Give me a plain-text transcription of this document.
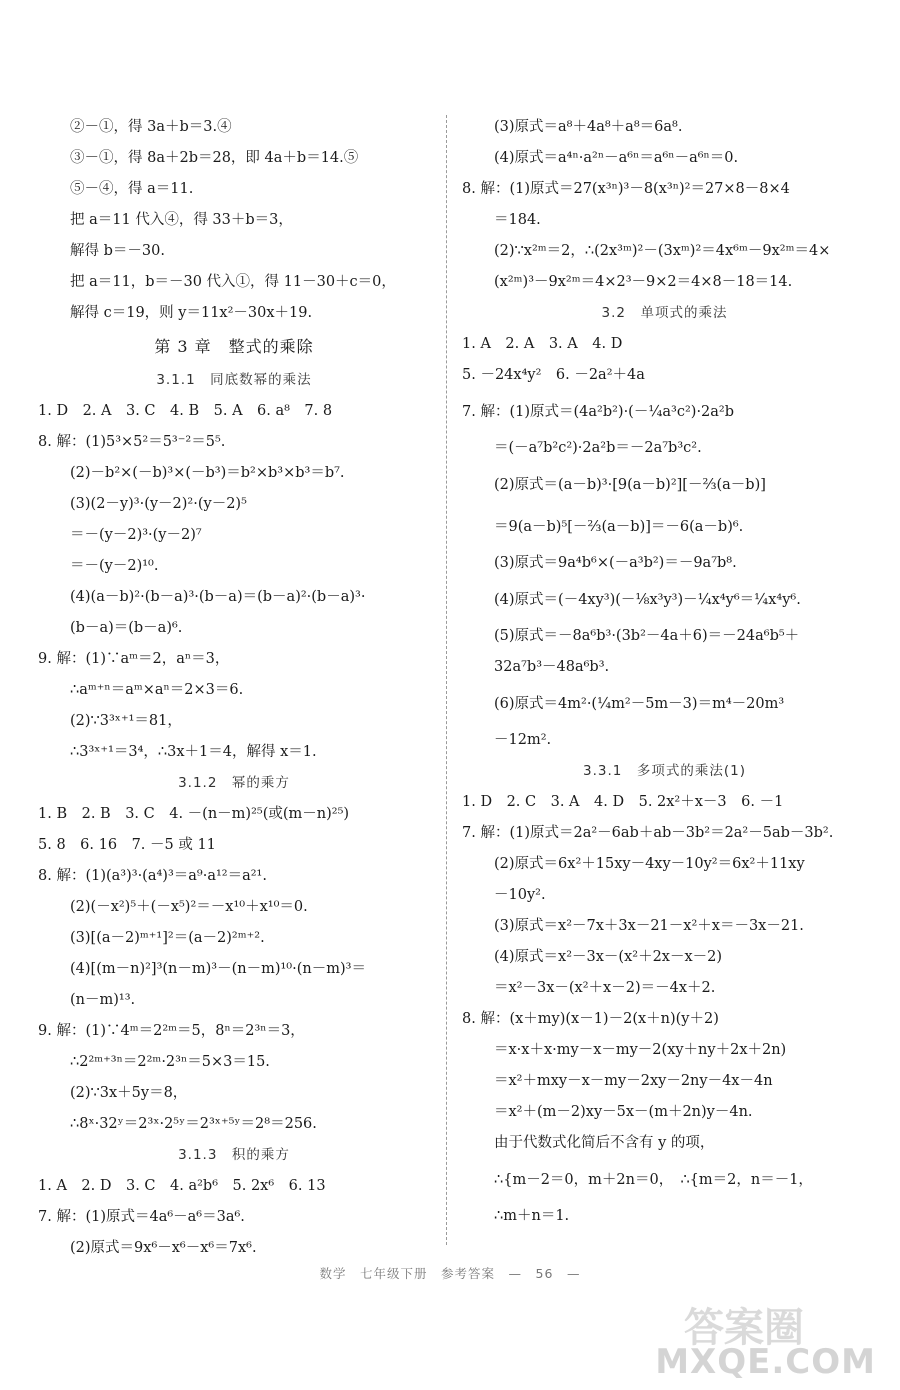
②－①，得 3a＋b＝3.④
③－①，得 8a＋2b＝28，即 4a＋b＝14.⑤
⑤－④，得 a＝11.
把 a＝11 代入④，得 33＋b＝3，
解得 b＝－30.
把 a＝11，b＝－30 代入①，得 11－30＋c＝0，
解得 c＝19，则 y＝11x²－30x＋19.
第 3 章　整式的乘除
3.1.1　同底数幂的乘法
1. D　2. A　3. C　4. B　5. A　6. a⁸　7. 8
8. 解：(1)5³×5²＝5³⁻²＝5⁵.
(2)－b²×(－b)³×(－b³)＝b²×b³×b³＝b⁷.
(3)(2－y)³·(y－2)²·(y－2)⁵
＝－(y－2)³·(y－2)⁷
＝－(y－2)¹⁰.
(4)(a－b)²·(b－a)³·(b－a)＝(b－a)²·(b－a)³·
(b－a)＝(b－a)⁶.
9. 解：(1)∵aᵐ＝2，aⁿ＝3，
∴aᵐ⁺ⁿ＝aᵐ×aⁿ＝2×3＝6.
(2)∵3³ˣ⁺¹＝81，
∴3³ˣ⁺¹＝3⁴，∴3x＋1＝4，解得 x＝1.
3.1.2　幂的乘方
1. B　2. B　3. C　4. －(n－m)²⁵(或(m－n)²⁵)
5. 8　6. 16　7. －5 或 11
8. 解：(1)(a³)³·(a⁴)³＝a⁹·a¹²＝a²¹.
(2)(－x²)⁵＋(－x⁵)²＝－x¹⁰＋x¹⁰＝0.
(3)[(a－2)ᵐ⁺¹]²＝(a－2)²ᵐ⁺².
(4)[(m－n)²]³(n－m)³－(n－m)¹⁰·(n－m)³＝
(n－m)¹³.
9. 解：(1)∵4ᵐ＝2²ᵐ＝5，8ⁿ＝2³ⁿ＝3，
∴2²ᵐ⁺³ⁿ＝2²ᵐ·2³ⁿ＝5×3＝15.
(2)∵3x＋5y＝8，
∴8ˣ·32ʸ＝2³ˣ·2⁵ʸ＝2³ˣ⁺⁵ʸ＝2⁸＝256.
3.1.3　积的乘方
1. A　2. D　3. C　4. a²b⁶　5. 2x⁶　6. 13
7. 解：(1)原式＝4a⁶－a⁶＝3a⁶.
(2)原式＝9x⁶－x⁶－x⁶＝7x⁶.
(3)原式＝a⁸＋4a⁸＋a⁸＝6a⁸.
(4)原式＝a⁴ⁿ·a²ⁿ－a⁶ⁿ＝a⁶ⁿ－a⁶ⁿ＝0.
8. 解：(1)原式＝27(x³ⁿ)³－8(x³ⁿ)²＝27×8－8×4
＝184.
(2)∵x²ᵐ＝2，∴(2x³ᵐ)²－(3xᵐ)²＝4x⁶ᵐ－9x²ᵐ＝4×
(x²ᵐ)³－9x²ᵐ＝4×2³－9×2＝4×8－18＝14.
3.2　单项式的乘法
1. A　2. A　3. A　4. D
5. －24x⁴y²　6. －2a²＋4a
7. 解：(1)原式＝(4a²b²)·(－¼a³c²)·2a²b
＝(－a⁷b²c²)·2a²b＝－2a⁷b³c².
(2)原式＝(a－b)³·[9(a－b)²][－⅔(a－b)]
＝9(a－b)⁵[－⅔(a－b)]＝－6(a－b)⁶.
(3)原式＝9a⁴b⁶×(－a³b²)＝－9a⁷b⁸.
(4)原式＝(－4xy³)(－⅛x³y³)－¼x⁴y⁶＝¼x⁴y⁶.
(5)原式＝－8a⁶b³·(3b²－4a＋6)＝－24a⁶b⁵＋
32a⁷b³－48a⁶b³.
(6)原式＝4m²·(¼m²－5m－3)＝m⁴－20m³
－12m².
3.3.1　多项式的乘法(1)
1. D　2. C　3. A　4. D　5. 2x²＋x－3　6. －1
7. 解：(1)原式＝2a²－6ab＋ab－3b²＝2a²－5ab－3b².
(2)原式＝6x²＋15xy－4xy－10y²＝6x²＋11xy
－10y².
(3)原式＝x²－7x＋3x－21－x²＋x＝－3x－21.
(4)原式＝x²－3x－(x²＋2x－x－2)
＝x²－3x－(x²＋x－2)＝－4x＋2.
8. 解：(x＋my)(x－1)－2(x＋n)(y＋2)
＝x·x＋x·my－x－my－2(xy＋ny＋2x＋2n)
＝x²＋mxy－x－my－2xy－2ny－4x－4n
＝x²＋(m－2)xy－5x－(m＋2n)y－4n.
由于代数式化简后不含有 y 的项，
∴{m－2＝0，m＋2n＝0，　∴{m＝2，n＝－1，
∴m＋n＝1.
数学　七年级下册　参考答案　—　56　—
答案圈
MXQE.COM
